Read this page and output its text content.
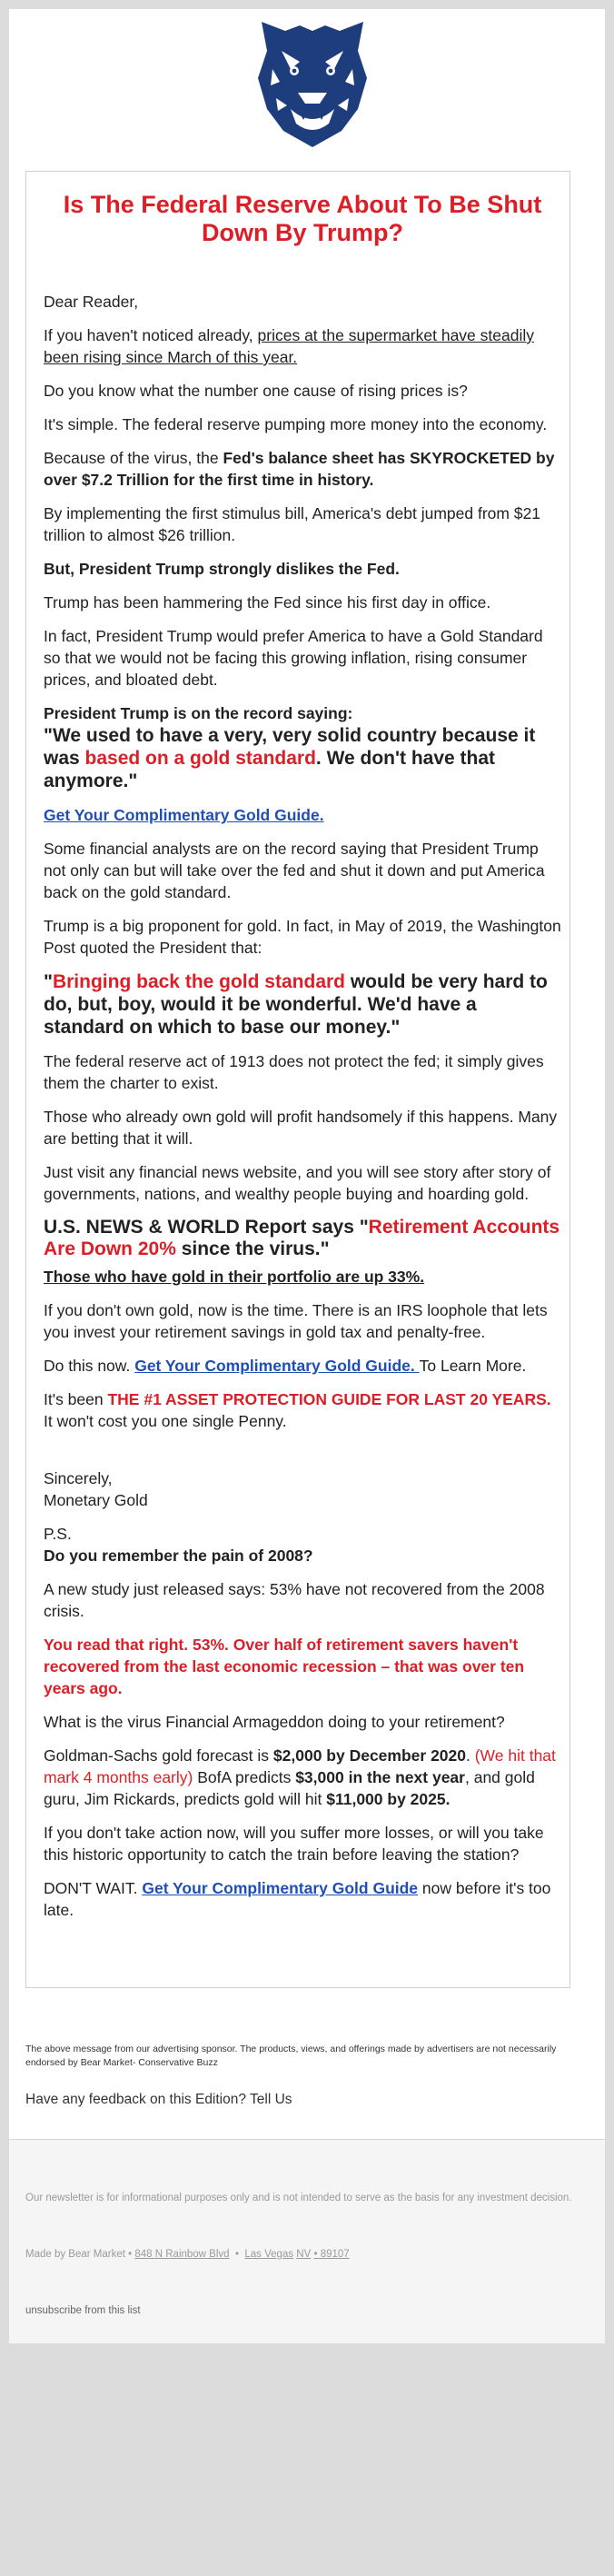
Is The Federal Reserve About To Be Shut Down By Trump?

Dear Reader,

If you haven't noticed already, prices at the supermarket have steadily been rising since March of this year.

Do you know what the number one cause of rising prices is?

It's simple. The federal reserve pumping more money into the economy.

Because of the virus, the Fed's balance sheet has SKYROCKETED by over $7.2 Trillion for the first time in history.

By implementing the first stimulus bill, America's debt jumped from $21 trillion to almost $26 trillion.

But, President Trump strongly dislikes the Fed.

Trump has been hammering the Fed since his first day in office.

In fact, President Trump would prefer America to have a Gold Standard so that we would not be facing this growing inflation, rising consumer prices, and bloated debt.

President Trump is on the record saying:
"We used to have a very, very solid country because it was based on a gold standard. We don't have that anymore."

Get Your Complimentary Gold Guide.

Some financial analysts are on the record saying that President Trump not only can but will take over the fed and shut it down and put America back on the gold standard.

Trump is a big proponent for gold. In fact, in May of 2019, the Washington Post quoted the President that:

"Bringing back the gold standard would be very hard to do, but, boy, would it be wonderful. We'd have a standard on which to base our money."

The federal reserve act of 1913 does not protect the fed; it simply gives them the charter to exist.

Those who already own gold will profit handsomely if this happens. Many are betting that it will.

Just visit any financial news website, and you will see story after story of governments, nations, and wealthy people buying and hoarding gold.

U.S. NEWS & WORLD Report says "Retirement Accounts Are Down 20% since the virus."

Those who have gold in their portfolio are up 33%.

If you don't own gold, now is the time. There is an IRS loophole that lets you invest your retirement savings in gold tax and penalty-free.

Do this now. Get Your Complimentary Gold Guide. To Learn More.

It's been THE #1 ASSET PROTECTION GUIDE FOR LAST 20 YEARS. It won't cost you one single Penny.

Sincerely,

Monetary Gold

P.S.

Do you remember the pain of 2008?

A new study just released says: 53% have not recovered from the 2008 crisis.

You read that right. 53%. Over half of retirement savers haven't recovered from the last economic recession – that was over ten years ago.

What is the virus Financial Armageddon doing to your retirement?

Goldman-Sachs gold forecast is $2,000 by December 2020. (We hit that mark 4 months early) BofA predicts $3,000 in the next year, and gold guru, Jim Rickards, predicts gold will hit $11,000 by 2025.

If you don't take action now, will you suffer more losses, or will you take this historic opportunity to catch the train before leaving the station?

DON'T WAIT. Get Your Complimentary Gold Guide now before it's too late.

The above message from our advertising sponsor. The products, views, and offerings made by advertisers are not necessarily endorsed by Bear Market- Conservative Buzz
Have any feedback on this Edition? Tell Us
Our newsletter is for informational purposes only and is not intended to serve as the basis for any investment decision.
Made by Bear Market • 848 N Rainbow Blvd • Las Vegas NV • 89107
unsubscribe from this list
